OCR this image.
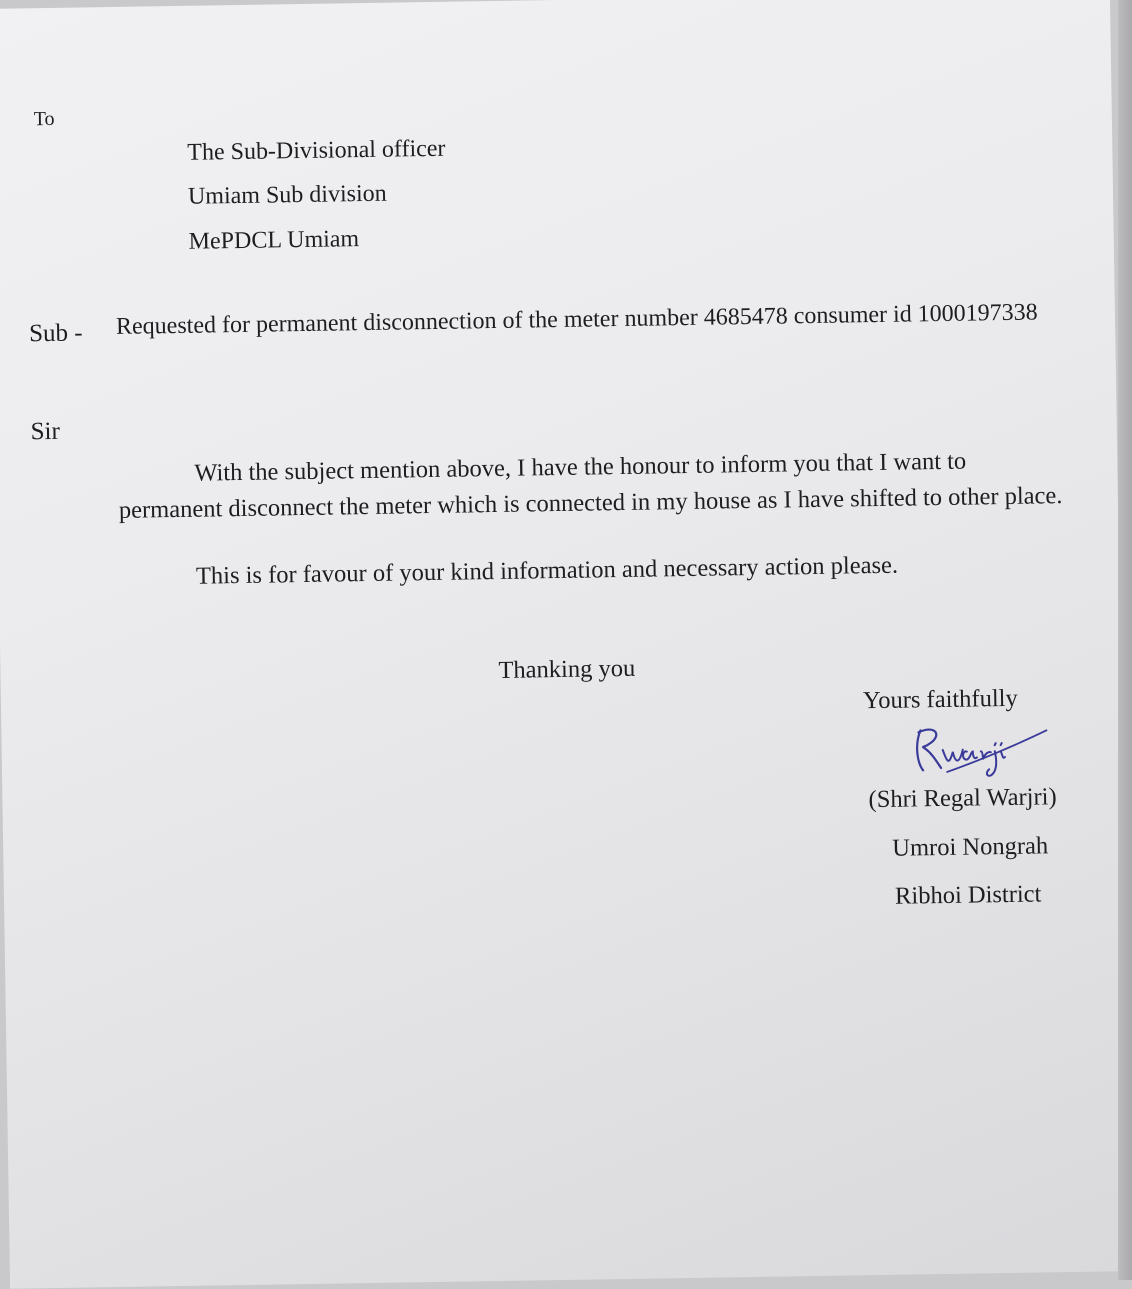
To
The Sub-Divisional officer
Umiam Sub division
MePDCL Umiam
Sub - Requested for permanent disconnection of the meter number 4685478 consumer id 1000197338
Sir
With the subject mention above, I have the honour to inform you that I want to permanent disconnect the meter which is connected in my house as I have shifted to other place.
This is for favour of your kind information and necessary action please.
Thanking you
Yours faithfully
(Shri Regal Warjri)
Umroi Nongrah
Ribhoi District
